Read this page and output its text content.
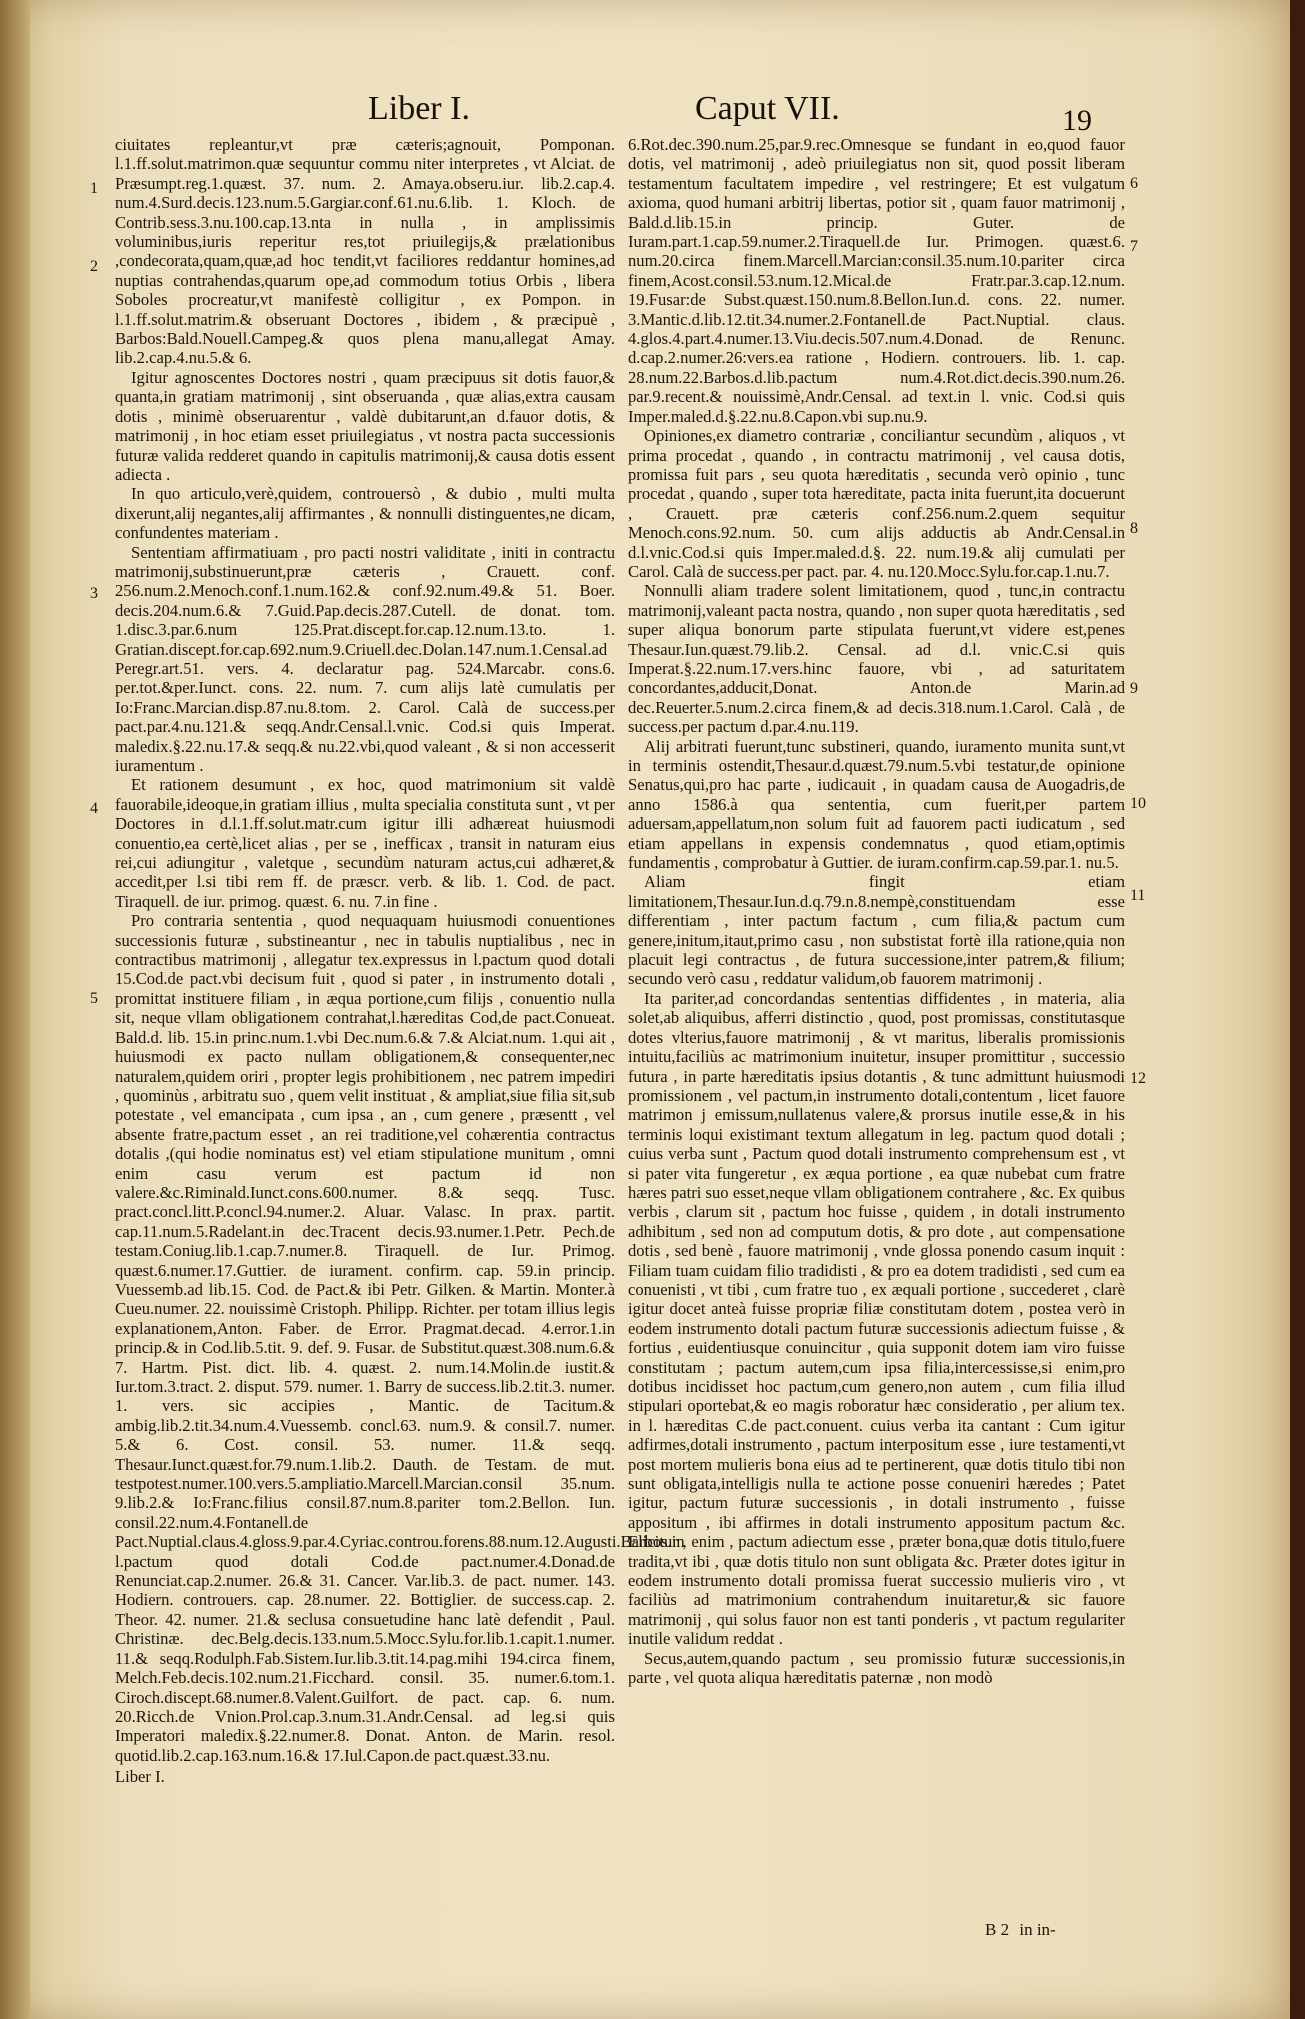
Liber I.	Caput VII.	19

ciuitates repleantur,vt præ cæteris;agnouit, Pomponan. l.1.ff.solut.matrimon.quæ sequuntur commu niter interpretes , vt Alciat. de Præsumpt.reg.1.quæst. 37. num. 2. Amaya.obseru.iur. lib.2.cap.4. num.4.Surd.decis.123.num.5.Gargiar.conf.61.nu.6.lib. 1. Kloch. de Contrib.sess.3.nu.100.cap.13.nta in nulla , in amplissimis voluminibus,iuris reperitur res,tot priuilegijs,& prælationibus ,condecorata,quam,quæ,ad hoc tendit,vt faciliores reddantur homines,ad nuptias contrahendas,quarum ope,ad commodum totius Orbis , libera Soboles procreatur,vt manifestè colligitur , ex Pompon. in l.1.ff.solut.matrim.& obseruant Doctores , ibidem , & præcipuè , Barbos:Bald.Nouell.Campeg.& quos plena manu,allegat Amay. lib.2.cap.4.nu.5.& 6.

Igitur agnoscentes Doctores nostri , quam præcipuus sit dotis fauor,& quanta,in gratiam matrimonij , sint obseruanda , quæ alias,extra causam dotis , minimè obseruarentur , valdè dubitarunt,an d.fauor dotis, & matrimonij , in hoc etiam esset priuilegiatus , vt nostra pacta successionis futuræ valida redderet quando in capitulis matrimonij,& causa dotis essent adiecta .

In quo articulo,verè,quidem, controuersò , & dubio , multi multa dixerunt,alij negantes,alij affirmantes , & nonnulli distinguentes,ne dicam, confundentes materiam .

Sententiam affirmatiuam , pro pacti nostri validitate , initi in contractu matrimonij,substinuerunt,præ cæteris , Crauett. conf. 256.num.2.Menoch.conf.1.num.162.& conf.92.num.49.& 51. Boer. decis.204.num.6.& 7.Guid.Pap.decis.287.Cutell. de donat. tom. 1.disc.3.par.6.num 125.Prat.discept.for.cap.12.num.13.to. 1. Gratian.discept.for.cap.692.num.9.Criuell.dec.Dolan.147.num.1.Censal.ad Peregr.art.51. vers. 4. declaratur pag. 524.Marcabr. cons.6. per.tot.&per.Iunct. cons. 22. num. 7. cum alijs latè cumulatis per Io:Franc.Marcian.disp.87.nu.8.tom. 2. Carol. Calà de success.per pact.par.4.nu.121.& seqq.Andr.Censal.l.vnic. Cod.si quis Imperat. maledix.§.22.nu.17.& seqq.& nu.22.vbi,quod valeant , & si non accesserit iuramentum .

Et rationem desumunt , ex hoc, quod matrimonium sit valdè fauorabile,ideoque,in gratiam illius , multa specialia constituta sunt , vt per Doctores in d.l.1.ff.solut.matr.cum igitur illi adhæreat huiusmodi conuentio,ea certè,licet alias , per se , inefficax , transit in naturam eius rei,cui adiungitur , valetque , secundùm naturam actus,cui adhæret,& accedit,per l.si tibi rem ff. de præscr. verb. & lib. 1. Cod. de pact. Tiraquell. de iur. primog. quæst. 6. nu. 7.in fine .

Pro contraria sententia , quod nequaquam huiusmodi conuentiones successionis futuræ , substineantur , nec in tabulis nuptialibus , nec in contractibus matrimonij , allegatur tex.expressus in l.pactum quod dotali 15.Cod.de pact.vbi decisum fuit , quod si pater , in instrumento dotali , promittat instituere filiam , in æqua portione,cum filijs , conuentio nulla sit, neque vllam obligationem contrahat,l.hæreditas Cod,de pact.Conueat. Bald.d. lib. 15.in princ.num.1.vbi Dec.num.6.& 7.& Alciat.num. 1.qui ait , huiusmodi ex pacto nullam obligationem,& consequenter,nec naturalem,quidem oriri , propter legis prohibitionem , nec patrem impediri , quominùs , arbitratu suo , quem velit instituat , & ampliat,siue filia sit,sub potestate , vel emancipata , cum ipsa , an , cum genere , præsentt , vel absente fratre,pactum esset , an rei traditione,vel cohærentia contractus dotalis ,(qui hodie nominatus est) vel etiam stipulatione munitum , omni enim casu verum est pactum id non valere.&c.Riminald.Iunct.cons.600.numer. 8.& seqq. Tusc. pract.concl.litt.P.concl.94.numer.2. Aluar. Valasc. In prax. partit. cap.11.num.5.Radelant.in dec.Tracent decis.93.numer.1.Petr. Pech.de testam.Coniug.lib.1.cap.7.numer.8. Tiraquell. de Iur. Primog. quæst.6.numer.17.Guttier. de iurament. confirm. cap. 59.in princip. Vuessemb.ad lib.15. Cod. de Pact.& ibi Petr. Gilken. & Martin. Monter.à Cueu.numer. 22. nouissimè Cristoph. Philipp. Richter. per totam illius legis explanationem,Anton. Faber. de Error. Pragmat.decad. 4.error.1.in princip.& in Cod.lib.5.tit. 9. def. 9. Fusar. de Substitut.quæst.308.num.6.& 7. Hartm. Pist. dict. lib. 4. quæst. 2. num.14.Molin.de iustit.& Iur.tom.3.tract. 2. disput. 579. numer. 1. Barry de success.lib.2.tit.3. numer. 1. vers. sic accipies , Mantic. de Tacitum.& ambig.lib.2.tit.34.num.4.Vuessemb. concl.63. num.9. & consil.7. numer. 5.& 6. Cost. consil. 53. numer. 11.& seqq. Thesaur.Iunct.quæst.for.79.num.1.lib.2. Dauth. de Testam. de mut. testpotest.numer.100.vers.5.ampliatio.Marcell.Marcian.consil 35.num. 9.lib.2.& Io:Franc.filius consil.87.num.8.pariter tom.2.Bellon. Iun. consil.22.num.4.Fontanell.de Pact.Nuptial.claus.4.gloss.9.par.4.Cyriac.controu.forens.88.num.12.Augusti.Barbos.in l.pactum quod dotali Cod.de pact.numer.4.Donad.de Renunciat.cap.2.numer. 26.& 31. Cancer. Var.lib.3. de pact. numer. 143. Hodiern. controuers. cap. 28.numer. 22. Bottiglier. de success.cap. 2. Theor. 42. numer. 21.& seclusa consuetudine hanc latè defendit , Paul. Christinæ. dec.Belg.decis.133.num.5.Mocc.Sylu.for.lib.1.capit.1.numer. 11.& seqq.Rodulph.Fab.Sistem.Iur.lib.3.tit.14.pag.mihi 194.circa finem, Melch.Feb.decis.102.num.21.Ficchard. consil. 35. numer.6.tom.1. Ciroch.discept.68.numer.8.Valent.Guilfort. de pact. cap. 6. num. 20.Ricch.de Vnion.Prol.cap.3.num.31.Andr.Censal. ad leg.si quis Imperatori maledix.§.22.numer.8. Donat. Anton. de Marin. resol. quotid.lib.2.cap.163.num.16.& 17.Iul.Capon.de pact.quæst.33.nu.

Liber I.

6.Rot.dec.390.num.25,par.9.rec.Omnesque se fundant in eo,quod fauor dotis, vel matrimonij , adeò priuilegiatus non sit, quod possit liberam testamentum facultatem impedire , vel restringere; Et est vulgatum axioma, quod humani arbitrij libertas, potior sit , quam fauor matrimonij , Bald.d.lib.15.in princip. Guter. de Iuram.part.1.cap.59.numer.2.Tiraquell.de Iur. Primogen. quæst.6. num.20.circa finem.Marcell.Marcian:consil.35.num.10.pariter circa finem,Acost.consil.53.num.12.Mical.de Fratr.par.3.cap.12.num. 19.Fusar:de Subst.quæst.150.num.8.Bellon.Iun.d. cons. 22. numer. 3.Mantic.d.lib.12.tit.34.numer.2.Fontanell.de Pact.Nuptial. claus. 4.glos.4.part.4.numer.13.Viu.decis.507.num.4.Donad. de Renunc. d.cap.2.numer.26:vers.ea ratione , Hodiern. controuers. lib. 1. cap. 28.num.22.Barbos.d.lib.pactum num.4.Rot.dict.decis.390.num.26. par.9.recent.& nouissimè,Andr.Censal. ad text.in l. vnic. Cod.si quis Imper.maled.d.§.22.nu.8.Capon.vbi sup.nu.9.

Opiniones,ex diametro contrariæ , conciliantur secundùm , aliquos , vt prima procedat , quando , in contractu matrimonij , vel causa dotis, promissa fuit pars , seu quota hæreditatis , secunda verò opinio , tunc procedat , quando , super tota hæreditate, pacta inita fuerunt,ita docuerunt , Crauett. præ cæteris conf.256.num.2.quem sequitur Menoch.cons.92.num. 50. cum alijs adductis ab Andr.Censal.in d.l.vnic.Cod.si quis Imper.maled.d.§. 22. num.19.& alij cumulati per Carol. Calà de success.per pact. par. 4. nu.120.Mocc.Sylu.for.cap.1.nu.7.

Nonnulli aliam tradere solent limitationem, quod , tunc,in contractu matrimonij,valeant pacta nostra, quando , non super quota hæreditatis , sed super aliqua bonorum parte stipulata fuerunt,vt videre est,penes Thesaur.Iun.quæst.79.lib.2. Censal. ad d.l. vnic.C.si quis Imperat.§.22.num.17.vers.hinc fauore, vbi , ad saturitatem concordantes,adducit,Donat. Anton.de Marin.ad dec.Reuerter.5.num.2.circa finem,& ad decis.318.num.1.Carol. Calà , de success.per pactum d.par.4.nu.119.

Alij arbitrati fuerunt,tunc substineri, quando, iuramento munita sunt,vt in terminis ostendit,Thesaur.d.quæst.79.num.5.vbi testatur,de opinione Senatus,qui,pro hac parte , iudicauit , in quadam causa de Auogadris,de anno 1586.à qua sententia, cum fuerit,per partem aduersam,appellatum,non solum fuit ad fauorem pacti iudicatum , sed etiam appellans in expensis condemnatus , quod etiam,optimis fundamentis , comprobatur à Guttier. de iuram.confirm.cap.59.par.1. nu.5.

Aliam fingit etiam limitationem,Thesaur.Iun.d.q.79.n.8.nempè,constituendam esse differentiam , inter pactum factum , cum filia,& pactum cum genere,initum,itaut,primo casu , non substistat fortè illa ratione,quia non placuit legi contractus , de futura successione,inter patrem,& filium; secundo verò casu , reddatur validum,ob fauorem matrimonij .

Ita pariter,ad concordandas sententias diffidentes , in materia, alia solet,ab aliquibus, afferri distinctio , quod, post promissas, constitutasque dotes vlterius,fauore matrimonij , & vt maritus, liberalis promissionis intuitu,faciliùs ac matrimonium inuitetur, insuper promittitur , successio futura , in parte hæreditatis ipsius dotantis , & tunc admittunt huiusmodi promissionem , vel pactum,in instrumento dotali,contentum , licet fauore matrimon j emissum,nullatenus valere,& prorsus inutile esse,& in his terminis loqui existimant textum allegatum in leg. pactum quod dotali ; cuius verba sunt , Pactum quod dotali instrumento comprehensum est , vt si pater vita fungeretur , ex æqua portione , ea quæ nubebat cum fratre hæres patri suo esset,neque vllam obligationem contrahere , &c. Ex quibus verbis , clarum sit , pactum hoc fuisse , quidem , in dotali instrumento adhibitum , sed non ad computum dotis, & pro dote , aut compensatione dotis , sed benè , fauore matrimonij , vnde glossa ponendo casum inquit : Filiam tuam cuidam filio tradidisti , & pro ea dotem tradidisti , sed cum ea conuenisti , vt tibi , cum fratre tuo , ex æquali portione , succederet , clarè igitur docet anteà fuisse propriæ filiæ constitutam dotem , postea verò in eodem instrumento dotali pactum futuræ successionis adiectum fuisse , & fortius , euidentiusque conuincitur , quia supponit dotem iam viro fuisse constitutam ; pactum autem,cum ipsa filia,intercessisse,si enim,pro dotibus incidisset hoc pactum,cum genero,non autem , cum filia illud stipulari oportebat,& eo magis roboratur hæc consideratio , per alium tex. in l. hæreditas C.de pact.conuent. cuius verba ita cantant : Cum igitur adfirmes,dotali instrumento , pactum interpositum esse , iure testamenti,vt post mortem mulieris bona eius ad te pertinerent, quæ dotis titulo tibi non sunt obligata,intelligis nulla te actione posse conueniri hæredes ; Patet igitur, pactum futuræ successionis , in dotali instrumento , fuisse appositum , ibi affirmes in dotali instrumento appositum pactum &c. Elicitur , enim , pactum adiectum esse , præter bona,quæ dotis titulo,fuere tradita,vt ibi , quæ dotis titulo non sunt obligata &c. Præter dotes igitur in eodem instrumento dotali promissa fuerat successio mulieris viro , vt faciliùs ad matrimonium contrahendum inuitaretur,& sic fauore matrimonij , qui solus fauor non est tanti ponderis , vt pactum regulariter inutile validum reddat .

Secus,autem,quando pactum , seu promissio futuræ successionis,in parte , vel quota aliqua hæreditatis paternæ , non modò

1
2
3
4
5
6
7
8
9
10
11
12
B 2 in in-
